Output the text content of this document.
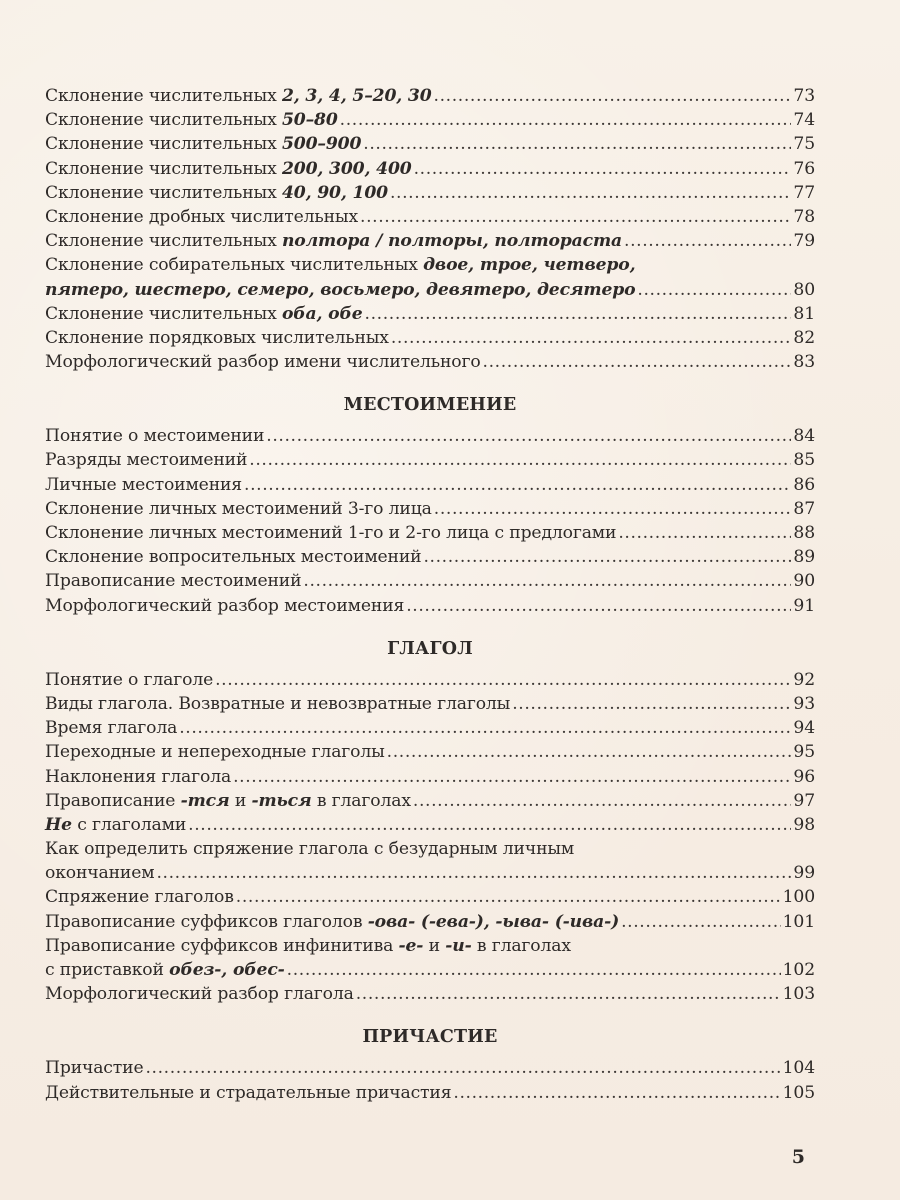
Склонение числительных 2, 3, 4, 5–20, 30 .....	73
Склонение числительных 50–80 .....	74
Склонение числительных 500–900 .....	75
Склонение числительных 200, 300, 400 .....	76
Склонение числительных 40, 90, 100 .....	77
Склонение дробных числительных .....	78
Склонение числительных полтора / полторы, полтораста .....	79
Склонение собирательных числительных двое, трое, четверо,
пятеро, шестеро, семеро, восьмеро, девятеро, десятеро .....	80
Склонение числительных оба, обе .....	81
Склонение порядковых числительных .....	82
Морфологический разбор имени числительного .....	83
МЕСТОИМЕНИЕ
Понятие о местоимении .....	84
Разряды местоимений .....	85
Личные местоимения .....	86
Склонение личных местоимений 3-го лица .....	87
Склонение личных местоимений 1-го и 2-го лица с предлогами .....	88
Склонение вопросительных местоимений .....	89
Правописание местоимений .....	90
Морфологический разбор местоимения .....	91
ГЛАГОЛ
Понятие о глаголе .....	92
Виды глагола. Возвратные и невозвратные глаголы .....	93
Время глагола .....	94
Переходные и непереходные глаголы .....	95
Наклонения глагола .....	96
Правописание -тся и -ться в глаголах .....	97
Не с глаголами .....	98
Как определить спряжение глагола с безударным личным
окончанием .....	99
Спряжение глаголов .....	100
Правописание суффиксов глаголов -ова- (-ева-), -ыва- (-ива-) .....	101
Правописание суффиксов инфинитива -е- и -и- в глаголах
с приставкой обез-, обес- .....	102
Морфологический разбор глагола .....	103
ПРИЧАСТИЕ
Причастие .....	104
Действительные и страдательные причастия .....	105
5
